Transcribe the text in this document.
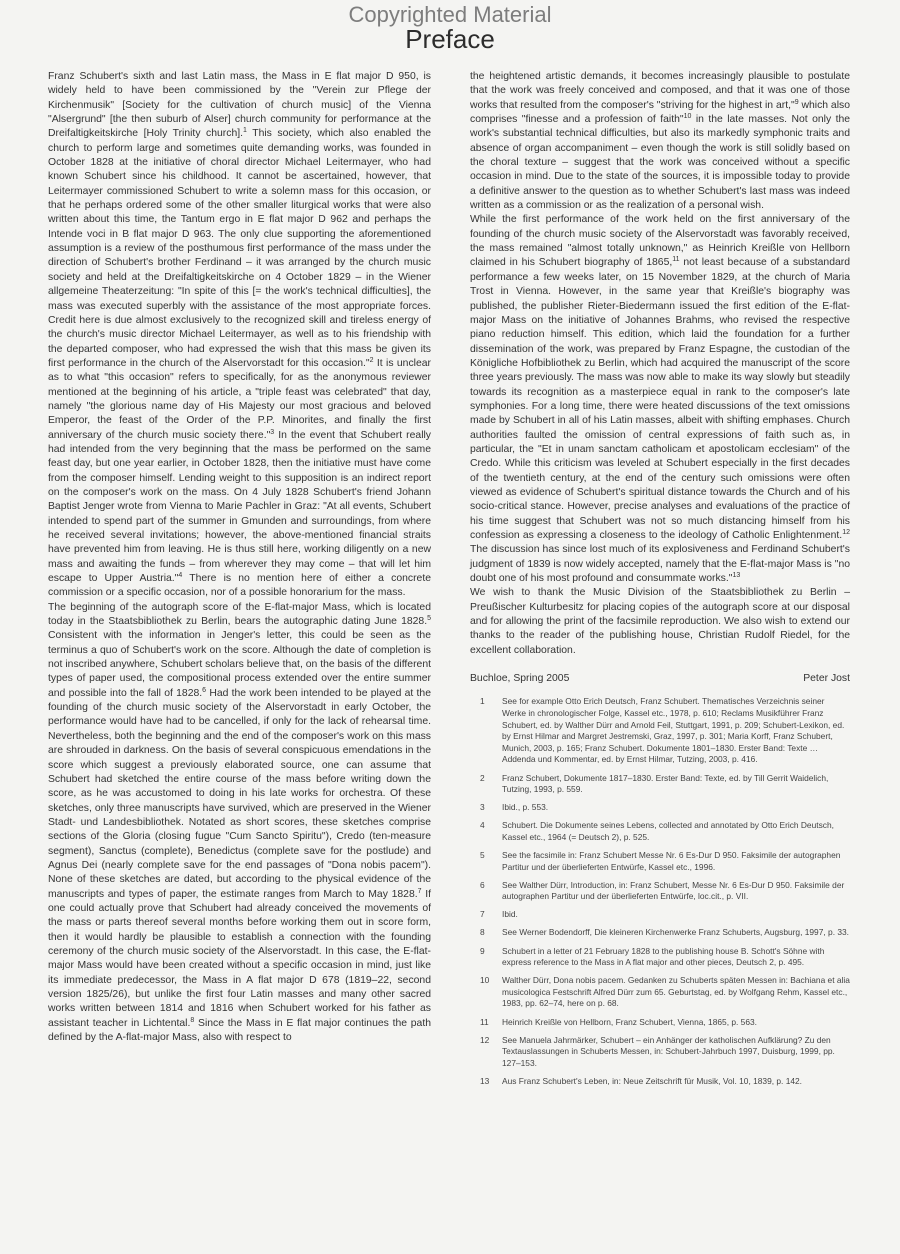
Copyrighted Material
Preface

Franz Schubert's sixth and last Latin mass, the Mass in E flat major D 950, is widely held to have been commissioned by the "Verein zur Pflege der Kirchenmusik" [Society for the cultivation of church music] of the Vienna "Alsergrund" [the then suburb of Alser] church community for performance at the Dreifaltigkeitskirche [Holy Trinity church].$^1$ This society, which also enabled the church to perform large and sometimes quite demanding works, was founded in October 1828 at the initiative of choral director Michael Leitermayer, who had known Schubert since his childhood. It cannot be ascertained, however, that Leitermayer commissioned Schubert to write a solemn mass for this occasion, or that he perhaps ordered some of the other smaller liturgical works that were also written about this time, the Tantum ergo in E flat major D 962 and perhaps the Intende voci in B flat major D 963. The only clue supporting the aforementioned assumption is a review of the posthumous first performance of the mass under the direction of Schubert's brother Ferdinand – it was arranged by the church music society and held at the Dreifaltigkeitskirche on 4 October 1829 – in the Wiener allgemeine Theaterzeitung: "In spite of this [= the work's technical difficulties], the mass was executed superbly with the assistance of the most appropriate forces. Credit here is due almost exclusively to the recognized skill and tireless energy of the church's music director Michael Leitermayer, as well as to his friendship with the departed composer, who had expressed the wish that this mass be given its first performance in the church of the Alservorstadt for this occasion."$^2$ It is unclear as to what "this occasion" refers to specifically, for as the anonymous reviewer mentioned at the beginning of his article, a "triple feast was celebrated" that day, namely "the glorious name day of His Majesty our most gracious and beloved Emperor, the feast of the Order of the P.P. Minorites, and finally the first anniversary of the church music society there."$^3$ In the event that Schubert really had intended from the very beginning that the mass be performed on the same feast day, but one year earlier, in October 1828, then the initiative must have come from the composer himself. Lending weight to this supposition is an indirect report on the composer's work on the mass. On 4 July 1828 Schubert's friend Johann Baptist Jenger wrote from Vienna to Marie Pachler in Graz: "At all events, Schubert intended to spend part of the summer in Gmunden and surroundings, from where he received several invitations; however, the above-mentioned financial straits have prevented him from leaving. He is thus still here, working diligently on a new mass and awaiting the funds – from wherever they may come – that will let him escape to Upper Austria."$^4$ There is no mention here of either a concrete commission or a specific occasion, nor of a possible honorarium for the mass.

The beginning of the autograph score of the E-flat-major Mass, which is located today in the Staatsbibliothek zu Berlin, bears the autographic dating June 1828.$^5$ Consistent with the information in Jenger's letter, this could be seen as the terminus a quo of Schubert's work on the score. Although the date of completion is not inscribed anywhere, Schubert scholars believe that, on the basis of the different types of paper used, the compositional process extended over the entire summer and possible into the fall of 1828.$^6$ Had the work been intended to be played at the founding of the church music society of the Alservorstadt in early October, the performance would have had to be cancelled, if only for the lack of rehearsal time. Nevertheless, both the beginning and the end of the composer's work on this mass are shrouded in darkness. On the basis of several conspicuous emendations in the score which suggest a previously elaborated source, one can assume that Schubert had sketched the entire course of the mass before writing down the score, as he was accustomed to doing in his late works for orchestra. Of these sketches, only three manuscripts have survived, which are preserved in the Wiener Stadt- und Landesbibliothek. Notated as short scores, these sketches comprise sections of the Gloria (closing fugue "Cum Sancto Spiritu"), Credo (ten-measure segment), Sanctus (complete), Benedictus (complete save for the postlude) and Agnus Dei (nearly complete save for the end passages of "Dona nobis pacem"). None of these sketches are dated, but according to the physical evidence of the manuscripts and types of paper, the estimate ranges from March to May 1828.$^7$ If one could actually prove that Schubert had already conceived the movements of the mass or parts thereof several months before working them out in score form, then it would hardly be plausible to establish a connection with the founding ceremony of the church music society of the Alservorstadt. In this case, the E-flat-major Mass would have been created without a specific occasion in mind, just like its immediate predecessor, the Mass in A flat major D 678 (1819–22, second version 1825/26), but unlike the first four Latin masses and many other sacred works written between 1814 and 1816 when Schubert worked for his father as assistant teacher in Lichtental.$^8$ Since the Mass in E flat major continues the path defined by the A-flat-major Mass, also with respect to

the heightened artistic demands, it becomes increasingly plausible to postulate that the work was freely conceived and composed, and that it was one of those works that resulted from the composer's "striving for the highest in art,"$^9$ which also comprises "finesse and a profession of faith"$^{10}$ in the late masses. Not only the work's substantial technical difficulties, but also its markedly symphonic traits and absence of organ accompaniment – even though the work is still solidly based on the choral texture – suggest that the work was conceived without a specific occasion in mind. Due to the state of the sources, it is impossible today to provide a definitive answer to the question as to whether Schubert's last mass was indeed written as a commission or as the realization of a personal wish.

While the first performance of the work held on the first anniversary of the founding of the church music society of the Alservorstadt was favorably received, the mass remained "almost totally unknown," as Heinrich Kreißle von Hellborn claimed in his Schubert biography of 1865,11 not least because of a substandard performance a few weeks later, on 15 November 1829, at the church of Maria Trost in Vienna. However, in the same year that Kreißle's biography was published, the publisher Rieter-Biedermann issued the first edition of the E-flat-major Mass on the initiative of Johannes Brahms, who revised the respective piano reduction himself. This edition, which laid the foundation for a further dissemination of the work, was prepared by Franz Espagne, the custodian of the Königliche Hofbibliothek zu Berlin, which had acquired the manuscript of the score three years previously. The mass was now able to make its way slowly but steadily towards its recognition as a masterpiece equal in rank to the composer's late symphonies. For a long time, there were heated discussions of the text omissions made by Schubert in all of his Latin masses, albeit with shifting emphases. Church authorities faulted the omission of central expressions of faith such as, in particular, the "Et in unam sanctam catholicam et apostolicam ecclesiam" of the Credo. While this criticism was leveled at Schubert especially in the first decades of the twentieth century, at the end of the century such omissions were often viewed as evidence of Schubert's spiritual distance towards the Church and of his socio-critical stance. However, precise analyses and evaluations of the practice of his time suggest that Schubert was not so much distancing himself from his confession as expressing a closeness to the ideology of Catholic Enlightenment.$^{12}$ The discussion has since lost much of its explosiveness and Ferdinand Schubert's judgment of 1839 is now widely accepted, namely that the E-flat-major Mass is "no doubt one of his most profound and consummate works."$^{13}$

We wish to thank the Music Division of the Staatsbibliothek zu Berlin – Preußischer Kulturbesitz for placing copies of the autograph score at our disposal and for allowing the print of the facsimile reproduction. We also wish to extend our thanks to the reader of the publishing house, Christian Rudolf Riedel, for the excellent collaboration.

Buchloe, Spring 2005	Peter Jost
1	See for example Otto Erich Deutsch, Franz Schubert. Thematisches Verzeichnis seiner Werke in chronologischer Folge, Kassel etc., 1978, p. 610; Reclams Musikführer Franz Schubert, ed. by Walther Dürr and Arnold Feil, Stuttgart, 1991, p. 209; Schubert-Lexikon, ed. by Ernst Hilmar and Margret Jestremski, Graz, 1997, p. 301; Maria Korff, Franz Schubert, Munich, 2003, p. 165; Franz Schubert. Dokumente 1801–1830. Erster Band: Texte … Addenda und Kommentar, ed. by Ernst Hilmar, Tutzing, 2003, p. 416.
2	Franz Schubert, Dokumente 1817–1830. Erster Band: Texte, ed. by Till Gerrit Waidelich, Tutzing, 1993, p. 559.
3	Ibid., p. 553.
4	Schubert. Die Dokumente seines Lebens, collected and annotated by Otto Erich Deutsch, Kassel etc., 1964 (= Deutsch 2), p. 525.
5	See the facsimile in: Franz Schubert Messe Nr. 6 Es-Dur D 950. Faksimile der autographen Partitur und der überlieferten Entwürfe, Kassel etc., 1996.
6	See Walther Dürr, Introduction, in: Franz Schubert, Messe Nr. 6 Es-Dur D 950. Faksimile der autographen Partitur und der überlieferten Entwürfe, loc.cit., p. VII.
7	Ibid.
8	See Werner Bodendorff, Die kleineren Kirchenwerke Franz Schuberts, Augsburg, 1997, p. 33.
9	Schubert in a letter of 21 February 1828 to the publishing house B. Schott's Söhne with express reference to the Mass in A flat major and other pieces, Deutsch 2, p. 495.
10	Walther Dürr, Dona nobis pacem. Gedanken zu Schuberts späten Messen in: Bachiana et alia musicologica Festschrift Alfred Dürr zum 65. Geburtstag, ed. by Wolfgang Rehm, Kassel etc., 1983, pp. 62–74, here on p. 68.
11	Heinrich Kreißle von Hellborn, Franz Schubert, Vienna, 1865, p. 563.
12	See Manuela Jahrmärker, Schubert – ein Anhänger der katholischen Aufklärung? Zu den Textauslassungen in Schuberts Messen, in: Schubert-Jahrbuch 1997, Duisburg, 1999, pp. 127–153.
13	Aus Franz Schubert's Leben, in: Neue Zeitschrift für Musik, Vol. 10, 1839, p. 142.
